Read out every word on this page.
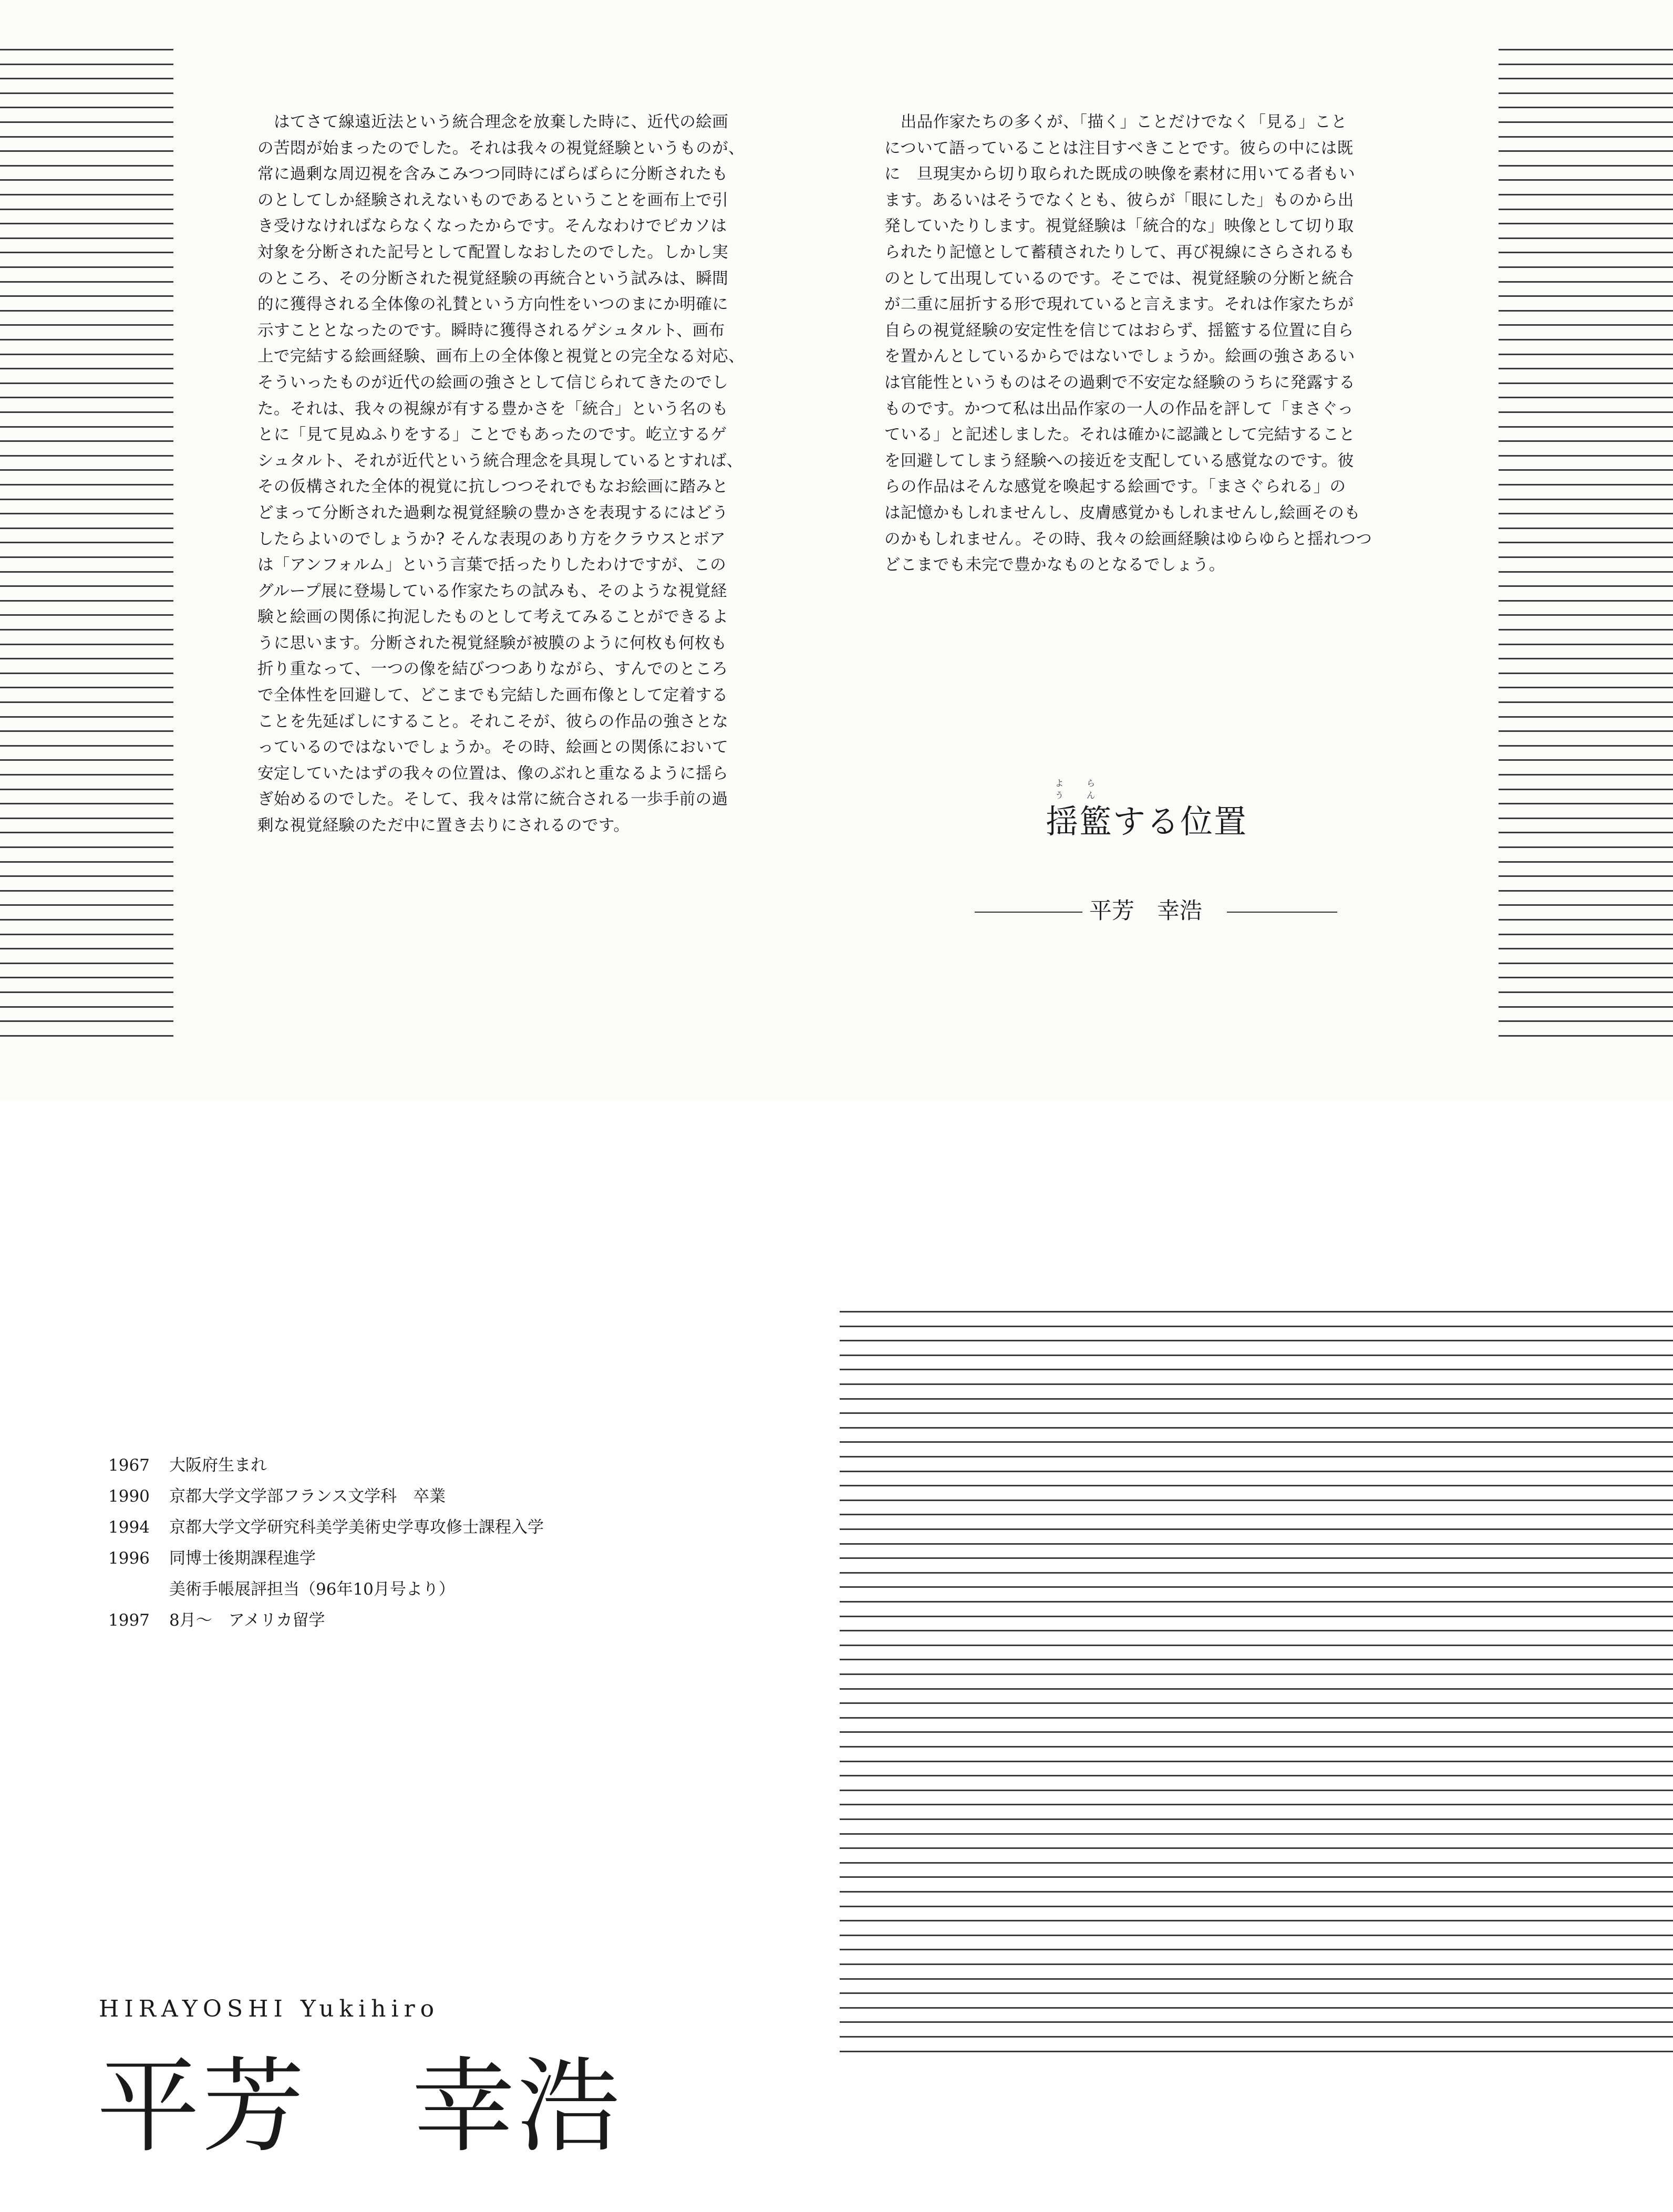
　はてさて線遠近法という統合理念を放棄した時に、近代の絵画
の苦悶が始まったのでした。それは我々の視覚経験というものが、
常に過剰な周辺視を含みこみつつ同時にばらばらに分断されたも
のとしてしか経験されえないものであるということを画布上で引
き受けなければならなくなったからです。そんなわけでピカソは
対象を分断された記号として配置しなおしたのでした。しかし実
のところ、その分断された視覚経験の再統合という試みは、瞬間
的に獲得される全体像の礼賛という方向性をいつのまにか明確に
示すこととなったのです。瞬時に獲得されるゲシュタルト、画布
上で完結する絵画経験、画布上の全体像と視覚との完全なる対応、
そういったものが近代の絵画の強さとして信じられてきたのでし
た。それは、我々の視線が有する豊かさを「統合」という名のも
とに「見て見ぬふりをする」ことでもあったのです。屹立するゲ
シュタルト、それが近代という統合理念を具現しているとすれば、
その仮構された全体的視覚に抗しつつそれでもなお絵画に踏みと
どまって分断された過剰な視覚経験の豊かさを表現するにはどう
したらよいのでしょうか? そんな表現のあり方をクラウスとボア
は「アンフォルム」という言葉で括ったりしたわけですが、この
グループ展に登場している作家たちの試みも、そのような視覚経
験と絵画の関係に拘泥したものとして考えてみることができるよ
うに思います。分断された視覚経験が被膜のように何枚も何枚も
折り重なって、一つの像を結びつつありながら、すんでのところ
で全体性を回避して、どこまでも完結した画布像として定着する
ことを先延ばしにすること。それこそが、彼らの作品の強さとな
っているのではないでしょうか。その時、絵画との関係において
安定していたはずの我々の位置は、像のぶれと重なるように揺ら
ぎ始めるのでした。そして、我々は常に統合される一歩手前の過
剰な視覚経験のただ中に置き去りにされるのです。
　出品作家たちの多くが、「描く」ことだけでなく「見る」こと
について語っていることは注目すべきことです。彼らの中には既
に　旦現実から切り取られた既成の映像を素材に用いてる者もい
ます。あるいはそうでなくとも、彼らが「眼にした」ものから出
発していたりします。視覚経験は「統合的な」映像として切り取
られたり記憶として蓄積されたりして、再び視線にさらされるも
のとして出現しているのです。そこでは、視覚経験の分断と統合
が二重に屈折する形で現れていると言えます。それは作家たちが
自らの視覚経験の安定性を信じてはおらず、揺籃する位置に自ら
を置かんとしているからではないでしょうか。絵画の強さあるい
は官能性というものはその過剰で不安定な経験のうちに発露する
ものです。かつて私は出品作家の一人の作品を評して「まさぐっ
ている」と記述しました。それは確かに認識として完結すること
を回避してしまう経験への接近を支配している感覚なのです。彼
らの作品はそんな感覚を喚起する絵画です。「まさぐられる」の
は記憶かもしれませんし、皮膚感覚かもしれませんし,絵画そのも
のかもしれません。その時、我々の絵画経験はゆらゆらと揺れつつ
どこまでも未完で豊かなものとなるでしょう。
よう
らん
揺籃する位置
平芳　幸浩
1967	大阪府生まれ
1990	京都大学文学部フランス文学科　卒業
1994	京都大学文学研究科美学美術史学専攻修士課程入学
1996	同博士後期課程進学
美術手帳展評担当（96年10月号より）
1997	8月～　アメリカ留学
HIRAYOSHI Yukihiro
平芳　幸浩
